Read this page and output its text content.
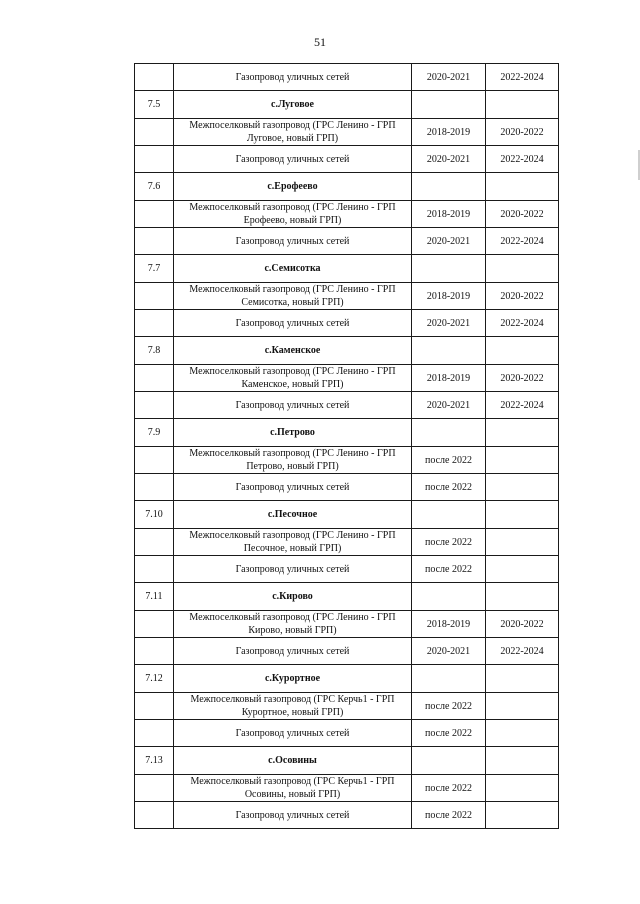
51
	Газопровод уличных сетей	2020-2021	2022-2024
7.5	с.Луговое		
	Межпоселковый газопровод (ГРС Ленино - ГРП Луговое, новый ГРП)	2018-2019	2020-2022
	Газопровод уличных сетей	2020-2021	2022-2024
7.6	с.Ерофеево		
	Межпоселковый газопровод (ГРС Ленино - ГРП Ерофеево, новый ГРП)	2018-2019	2020-2022
	Газопровод уличных сетей	2020-2021	2022-2024
7.7	с.Семисотка		
	Межпоселковый газопровод (ГРС Ленино - ГРП Семисотка, новый ГРП)	2018-2019	2020-2022
	Газопровод уличных сетей	2020-2021	2022-2024
7.8	с.Каменское		
	Межпоселковый газопровод (ГРС Ленино - ГРП Каменское, новый ГРП)	2018-2019	2020-2022
	Газопровод уличных сетей	2020-2021	2022-2024
7.9	с.Петрово		
	Межпоселковый газопровод (ГРС Ленино - ГРП Петрово, новый ГРП)	после 2022	
	Газопровод уличных сетей	после 2022	
7.10	с.Песочное		
	Межпоселковый газопровод (ГРС Ленино - ГРП Песочное, новый ГРП)	после 2022	
	Газопровод уличных сетей	после 2022	
7.11	с.Кирово		
	Межпоселковый газопровод (ГРС Ленино - ГРП Кирово, новый ГРП)	2018-2019	2020-2022
	Газопровод уличных сетей	2020-2021	2022-2024
7.12	с.Курортное		
	Межпоселковый газопровод (ГРС Керчь1 - ГРП Курортное, новый ГРП)	после 2022	
	Газопровод уличных сетей	после 2022	
7.13	с.Осовины		
	Межпоселковый газопровод (ГРС Керчь1 - ГРП Осовины, новый ГРП)	после 2022	
	Газопровод уличных сетей	после 2022	
